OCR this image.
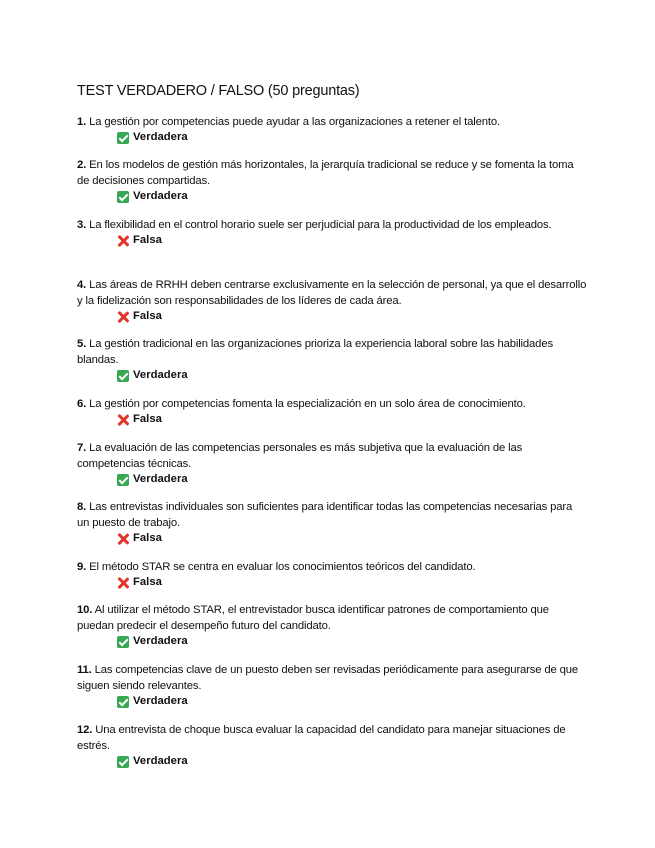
TEST VERDADERO / FALSO (50 preguntas)

1. La gestión por competencias puede ayudar a las organizaciones a retener el talento.

Verdadera

2. En los modelos de gestión más horizontales, la jerarquía tradicional se reduce y se fomenta la toma de decisiones compartidas.

Verdadera

3. La flexibilidad en el control horario suele ser perjudicial para la productividad de los empleados.

Falsa

4. Las áreas de RRHH deben centrarse exclusivamente en la selección de personal, ya que el desarrollo y la fidelización son responsabilidades de los líderes de cada área.

Falsa

5. La gestión tradicional en las organizaciones prioriza la experiencia laboral sobre las habilidades blandas.

Verdadera

6. La gestión por competencias fomenta la especialización en un solo área de conocimiento.

Falsa

7. La evaluación de las competencias personales es más subjetiva que la evaluación de las competencias técnicas.

Verdadera

8. Las entrevistas individuales son suficientes para identificar todas las competencias necesarias para un puesto de trabajo.

Falsa

9. El método STAR se centra en evaluar los conocimientos teóricos del candidato.

Falsa

10. Al utilizar el método STAR, el entrevistador busca identificar patrones de comportamiento que puedan predecir el desempeño futuro del candidato.

Verdadera

11. Las competencias clave de un puesto deben ser revisadas periódicamente para asegurarse de que siguen siendo relevantes.

Verdadera

12. Una entrevista de choque busca evaluar la capacidad del candidato para manejar situaciones de estrés.

Verdadera
